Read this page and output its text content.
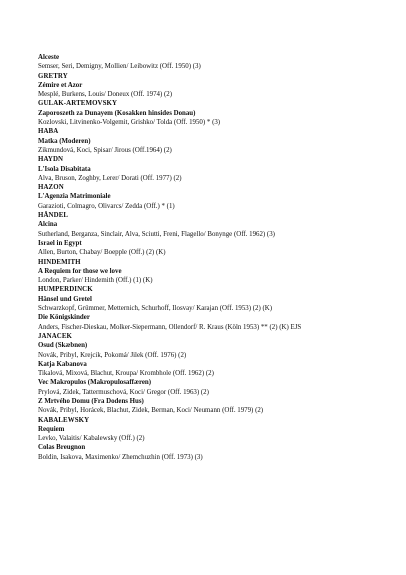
Alceste
Semser, Seri, Demigny, Mollien/ Leibowitz (Off. 1950) (3)
GRETRY
Zémire et Azor
Mesplé, Burkens, Louis/ Doneux (Off. 1974) (2)
GULAK-ARTEMOVSKY
Zaporoszeth za Dunayem (Kosakken hinsides Donau)
Kozlovski, Litvinenko-Volgemit, Grishko/ Tolda (Off. 1950) * (3)
HABA
Matka (Moderen)
Zikmundová, Koci, Spisar/ Jirous (Off.1964) (2)
HAYDN
L'Isola Disabitata
Alva, Bruson, Zoghby, Lerer/ Dorati (Off. 1977) (2)
HAZON
L'Agenzia Matrimoniale
Garazioti, Colmagro, Olivarcs/ Zedda (Off.) * (1)
HÄNDEL
Alcina
Sutherland, Berganza, Sinclair, Alva, Sciutti, Freni, Flagello/ Bonynge (Off. 1962) (3)
Israel in Egypt
Allen, Burton, Chabay/ Boepple (Off.) (2) (K)
HINDEMITH
A Requiem for those we love
London, Parker/ Hindemith (Off.) (1) (K)
HUMPERDINCK
Hänsel und Gretel
Schwarzkopf, Grümmer, Metternich, Schurhoff, Ilosvay/ Karajan (Off. 1953) (2) (K)
Die Königskinder
Anders, Fischer-Dieskau, Molker-Siepermann, Ollendorf/ R. Kraus (Köln 1953) ** (2) (K) EJS
JANACEK
Osud (Skæbnen)
Novák, Pribyl, Krejcik, Pokomá/ Jilek (Off. 1976) (2)
Katja Kabanova
Tikalová, Mixová, Blachut, Kroupa/ Krombhole (Off. 1962) (2)
Vec Makropulos (Makropulosaffæren)
Prylová, Zidek, Tattermuschová, Koci/ Gregor (Off. 1963) (2)
Z Mrtvého Domu (Fra Dodens Hus)
Novák, Pribyl, Horácek, Blachut, Zidek, Berman, Koci/ Neumann (Off. 1979) (2)
KABALEWSKY
Requiem
Levko, Valaitis/ Kabalewsky (Off.) (2)
Colas Breugnon
Boldin, Isakova, Maximenko/ Zhemchuzhin (Off. 1973) (3)
